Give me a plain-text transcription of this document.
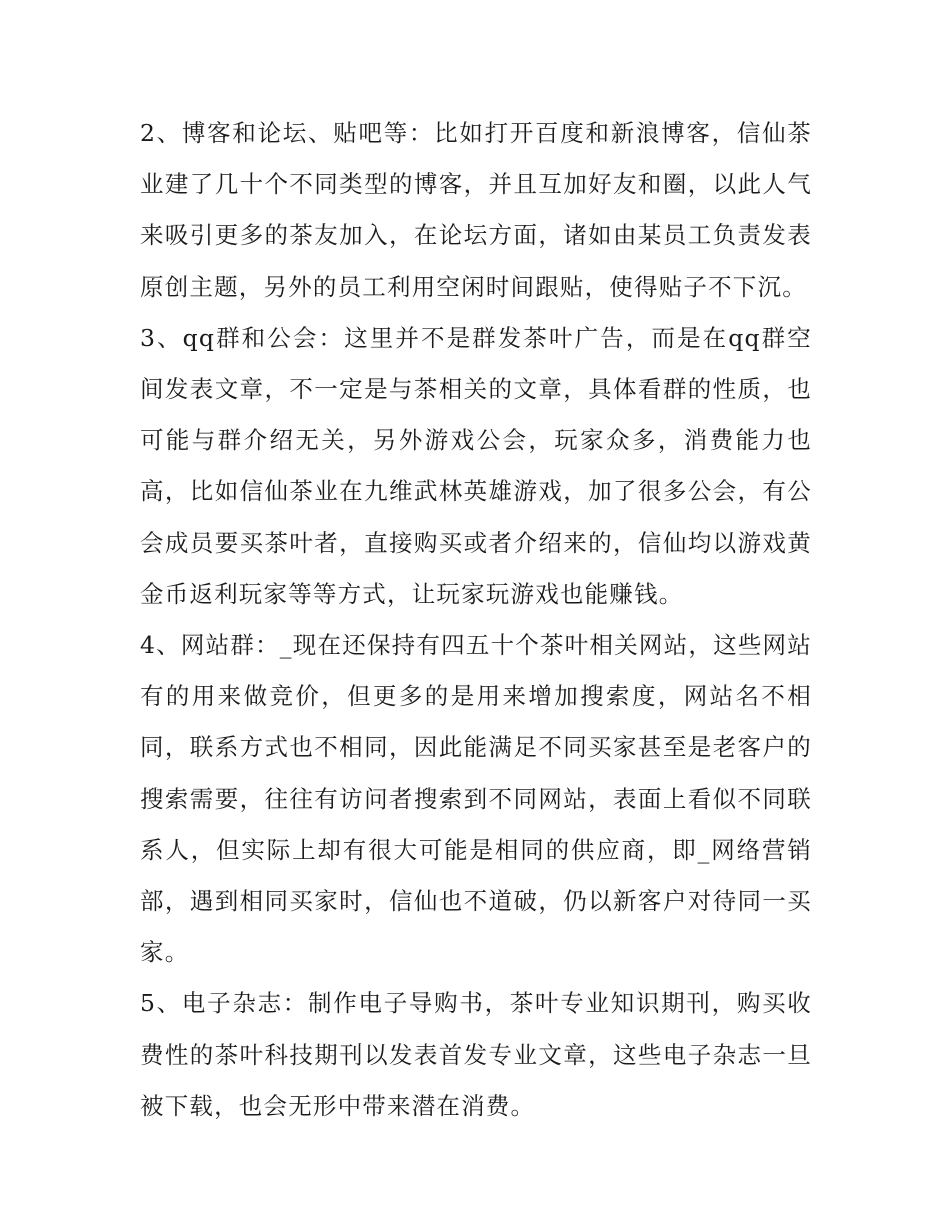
2、博客和论坛、贴吧等：比如打开百度和新浪博客，信仙茶业建了几十个不同类型的博客，并且互加好友和圈，以此人气来吸引更多的茶友加入，在论坛方面，诸如由某员工负责发表原创主题，另外的员工利用空闲时间跟贴，使得贴子不下沉。

3、qq群和公会：这里并不是群发茶叶广告，而是在qq群空间发表文章，不一定是与茶相关的文章，具体看群的性质，也可能与群介绍无关，另外游戏公会，玩家众多，消费能力也高，比如信仙茶业在九维武林英雄游戏，加了很多公会，有公会成员要买茶叶者，直接购买或者介绍来的，信仙均以游戏黄金币返利玩家等等方式，让玩家玩游戏也能赚钱。

4、网站群：_现在还保持有四五十个茶叶相关网站，这些网站有的用来做竞价，但更多的是用来增加搜索度，网站名不相同，联系方式也不相同，因此能满足不同买家甚至是老客户的搜索需要，往往有访问者搜索到不同网站，表面上看似不同联系人，但实际上却有很大可能是相同的供应商，即_网络营销部，遇到相同买家时，信仙也不道破，仍以新客户对待同一买家。

5、电子杂志：制作电子导购书，茶叶专业知识期刊，购买收费性的茶叶科技期刊以发表首发专业文章，这些电子杂志一旦被下载，也会无形中带来潜在消费。
